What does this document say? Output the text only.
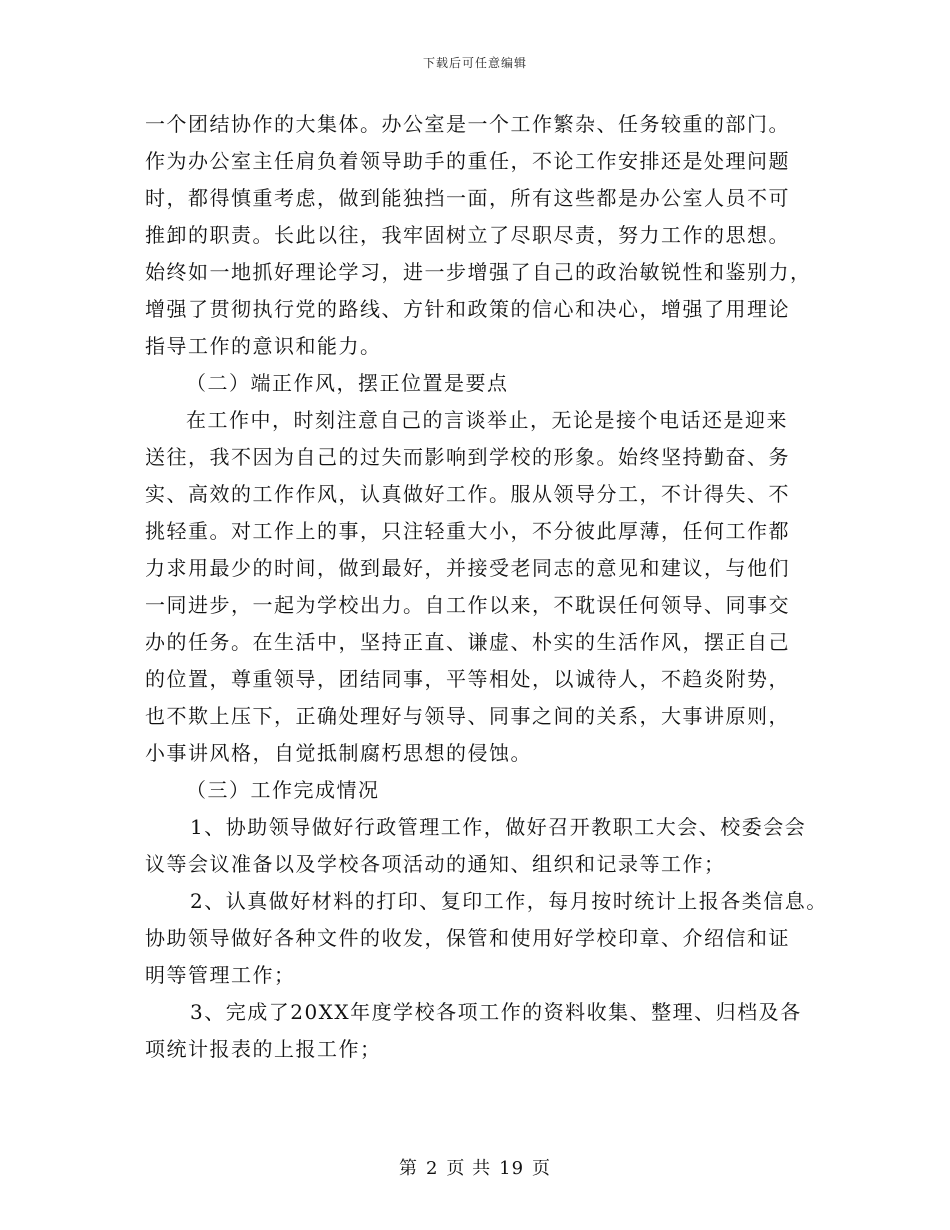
下载后可任意编辑
一个团结协作的大集体。办公室是一个工作繁杂、任务较重的部门。
作为办公室主任肩负着领导助手的重任，不论工作安排还是处理问题
时，都得慎重考虑，做到能独挡一面，所有这些都是办公室人员不可
推卸的职责。长此以往，我牢固树立了尽职尽责，努力工作的思想。
始终如一地抓好理论学习，进一步增强了自己的政治敏锐性和鉴别力，
增强了贯彻执行党的路线、方针和政策的信心和决心，增强了用理论
指导工作的意识和能力。
（二）端正作风，摆正位置是要点
在工作中，时刻注意自己的言谈举止，无论是接个电话还是迎来
送往，我不因为自己的过失而影响到学校的形象。始终坚持勤奋、务
实、高效的工作作风，认真做好工作。服从领导分工，不计得失、不
挑轻重。对工作上的事，只注轻重大小，不分彼此厚薄，任何工作都
力求用最少的时间，做到最好，并接受老同志的意见和建议，与他们
一同进步，一起为学校出力。自工作以来，不耽误任何领导、同事交
办的任务。在生活中，坚持正直、谦虚、朴实的生活作风，摆正自己
的位置，尊重领导，团结同事，平等相处，以诚待人，不趋炎附势，
也不欺上压下，正确处理好与领导、同事之间的关系，大事讲原则，
小事讲风格，自觉抵制腐朽思想的侵蚀。
（三）工作完成情况
1、协助领导做好行政管理工作，做好召开教职工大会、校委会会
议等会议准备以及学校各项活动的通知、组织和记录等工作；
2、认真做好材料的打印、复印工作，每月按时统计上报各类信息。
协助领导做好各种文件的收发，保管和使用好学校印章、介绍信和证
明等管理工作；
3、完成了20XX年度学校各项工作的资料收集、整理、归档及各
项统计报表的上报工作；
第 2 页 共 19 页
